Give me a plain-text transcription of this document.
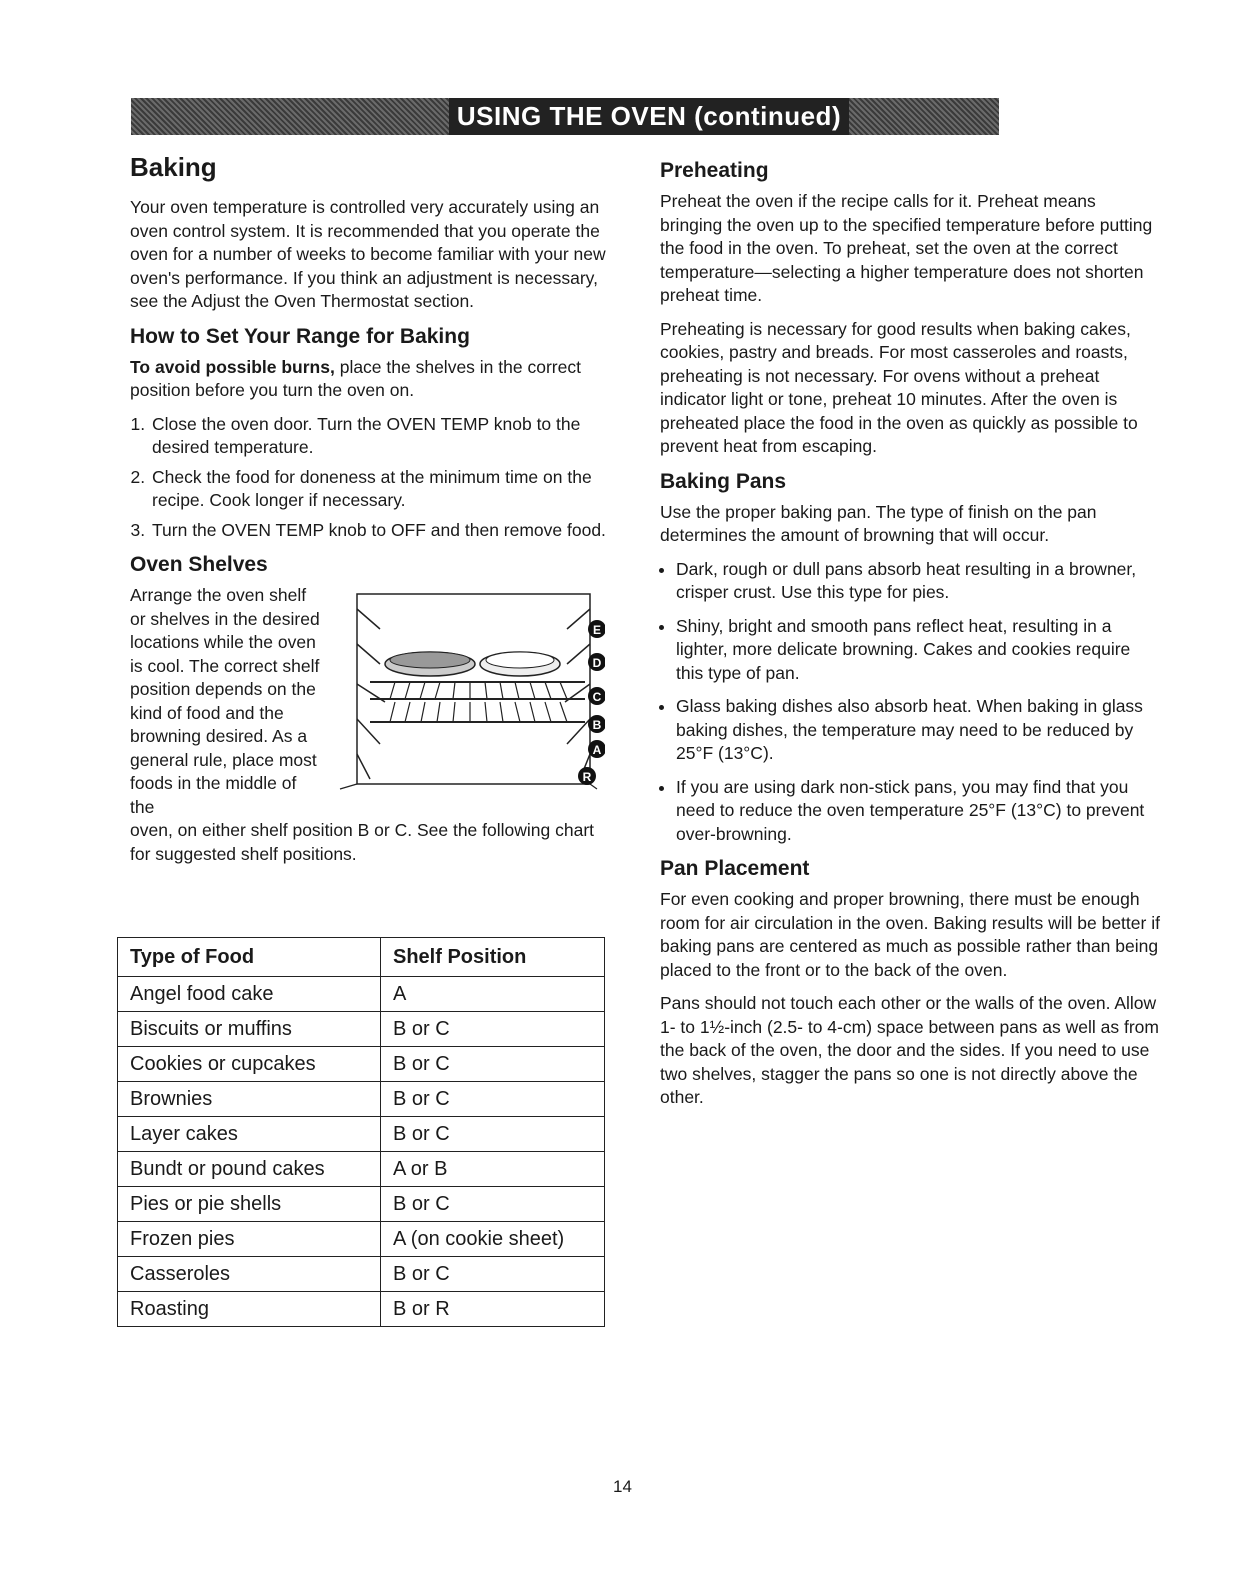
USING THE OVEN (continued)
Baking

Your oven temperature is controlled very accurately using an oven control system. It is recommended that you operate the oven for a number of weeks to become familiar with your new oven's performance. If you think an adjustment is necessary, see the Adjust the Oven Thermostat section.

How to Set Your Range for Baking

To avoid possible burns, place the shelves in the correct position before you turn the oven on.

1. Close the oven door. Turn the OVEN TEMP knob to the desired temperature.
2. Check the food for doneness at the minimum time on the recipe. Cook longer if necessary.
3. Turn the OVEN TEMP knob to OFF and then remove food.
Oven Shelves
Arrange the oven shelf or shelves in the desired locations while the oven is cool. The correct shelf position depends on the kind of food and the browning desired. As a general rule, place most foods in the middle of the
E
D
C
B
A
R
oven, on either shelf position B or C. See the following chart for suggested shelf positions.
Type of Food	Shelf Position
Angel food cake	A
Biscuits or muffins	B or C
Cookies or cupcakes	B or C
Brownies	B or C
Layer cakes	B or C
Bundt or pound cakes	A or B
Pies or pie shells	B or C
Frozen pies	A (on cookie sheet)
Casseroles	B or C
Roasting	B or R
Preheating

Preheat the oven if the recipe calls for it. Preheat means bringing the oven up to the specified temperature before putting the food in the oven. To preheat, set the oven at the correct temperature—selecting a higher temperature does not shorten preheat time.

Preheating is necessary for good results when baking cakes, cookies, pastry and breads. For most casseroles and roasts, preheating is not necessary. For ovens without a preheat indicator light or tone, preheat 10 minutes. After the oven is preheated place the food in the oven as quickly as possible to prevent heat from escaping.

Baking Pans

Use the proper baking pan. The type of finish on the pan determines the amount of browning that will occur.

• Dark, rough or dull pans absorb heat resulting in a browner, crisper crust. Use this type for pies.
• Shiny, bright and smooth pans reflect heat, resulting in a lighter, more delicate browning. Cakes and cookies require this type of pan.
• Glass baking dishes also absorb heat. When baking in glass baking dishes, the temperature may need to be reduced by 25°F (13°C).
• If you are using dark non-stick pans, you may find that you need to reduce the oven temperature 25°F (13°C) to prevent over-browning.
Pan Placement

For even cooking and proper browning, there must be enough room for air circulation in the oven. Baking results will be better if baking pans are centered as much as possible rather than being placed to the front or to the back of the oven.

Pans should not touch each other or the walls of the oven. Allow 1- to 1½-inch (2.5- to 4-cm) space between pans as well as from the back of the oven, the door and the sides. If you need to use two shelves, stagger the pans so one is not directly above the other.

14
